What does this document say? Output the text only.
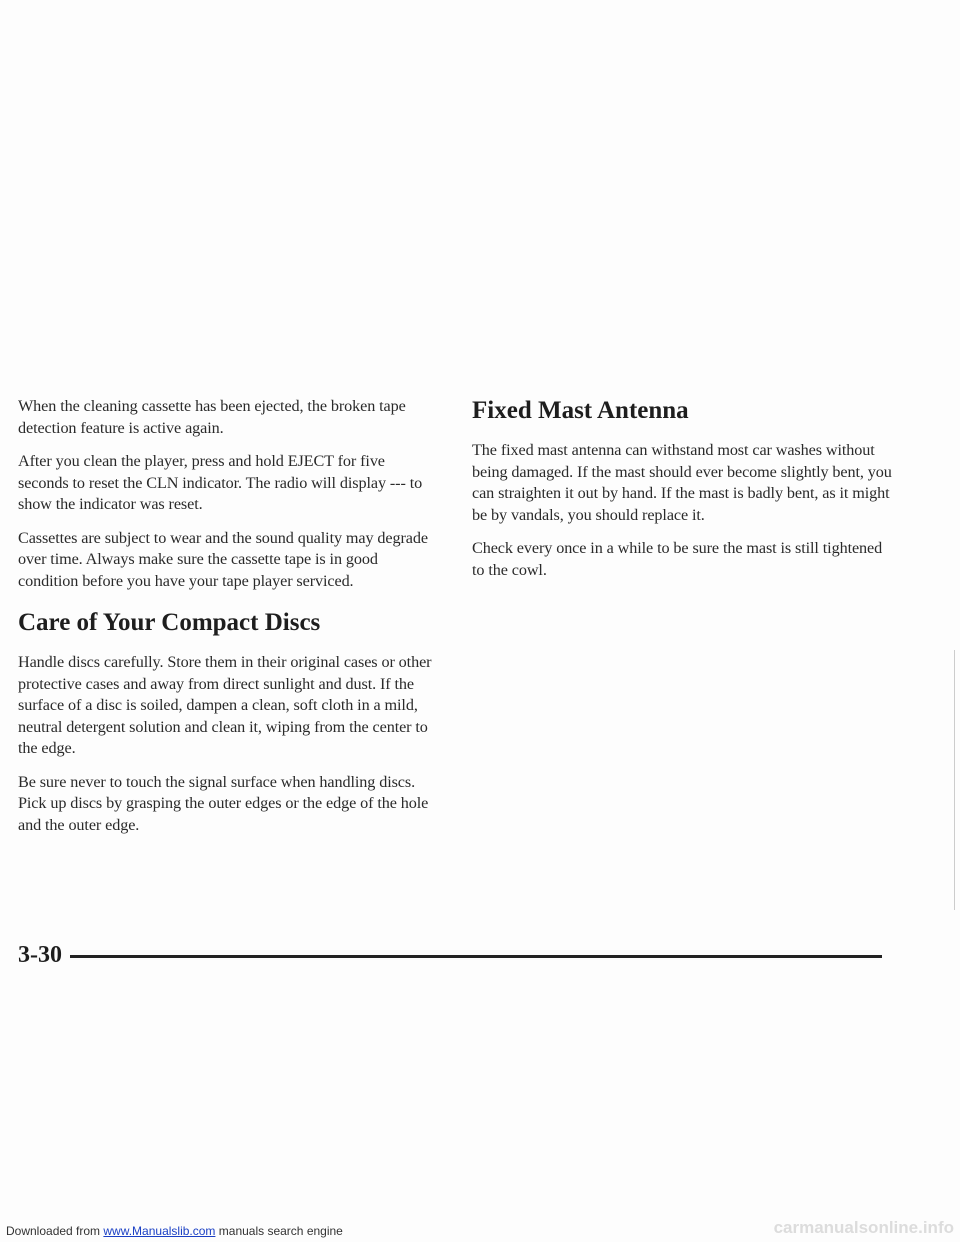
When the cleaning cassette has been ejected, the broken tape detection feature is active again.

After you clean the player, press and hold EJECT for five seconds to reset the CLN indicator. The radio will display --- to show the indicator was reset.

Cassettes are subject to wear and the sound quality may degrade over time. Always make sure the cassette tape is in good condition before you have your tape player serviced.

Care of Your Compact Discs

Handle discs carefully. Store them in their original cases or other protective cases and away from direct sunlight and dust. If the surface of a disc is soiled, dampen a clean, soft cloth in a mild, neutral detergent solution and clean it, wiping from the center to the edge.

Be sure never to touch the signal surface when handling discs. Pick up discs by grasping the outer edges or the edge of the hole and the outer edge.

Fixed Mast Antenna

The fixed mast antenna can withstand most car washes without being damaged. If the mast should ever become slightly bent, you can straighten it out by hand. If the mast is badly bent, as it might be by vandals, you should replace it.

Check every once in a while to be sure the mast is still tightened to the cowl.

3-30
Downloaded from www.Manualslib.com manuals search engine	carmanualsonline.info
